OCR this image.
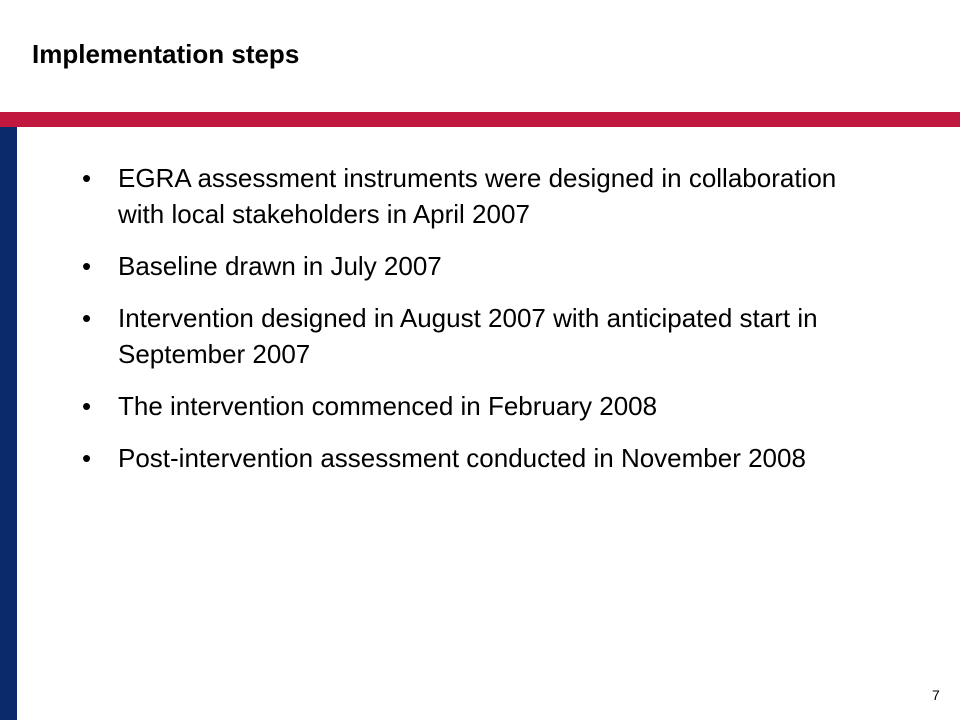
Implementation steps
• EGRA assessment instruments were designed in collaboration with local stakeholders in April 2007
• Baseline drawn in July 2007
• Intervention designed in August 2007 with anticipated start in September 2007
• The intervention commenced in February 2008
• Post-intervention assessment conducted in November 2008
7
